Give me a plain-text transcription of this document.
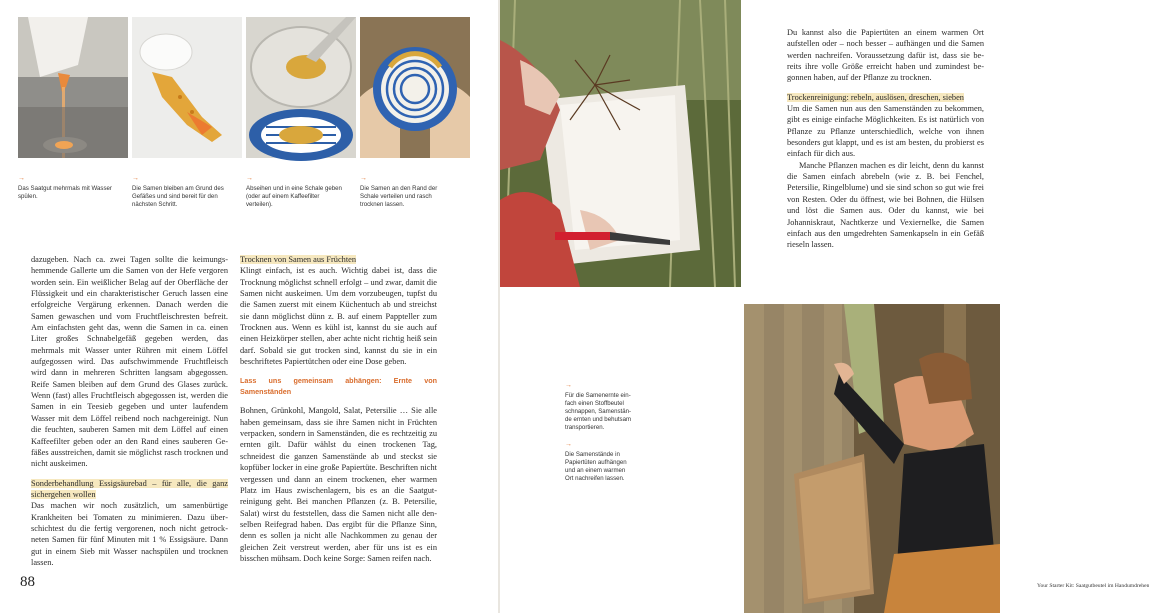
→
Das Saatgut mehrmals mit Wasser spülen.
→
Die Samen bleiben am Grund des Gefäßes und sind bereit für den nächsten Schritt.
→
Abseihen und in eine Schale geben (oder auf einem Kaffeefilter verteilen).
→
Die Samen an den Rand der Schale verteilen und rasch trocknen lassen.

dazugeben. Nach ca. zwei Tagen sollte die keimungshemmende Gallerte um die Samen von der Hefe vergoren worden sein. Ein weißlicher Belag auf der Oberfläche der Flüssigkeit und ein charakteristischer Geruch lassen eine erfolgreiche Vergärung erkennen. Danach werden die Samen gewaschen und vom Fruchtfleischresten befreit. Am einfachsten geht das, wenn die Samen in ca. einen Liter großes Schnabelgefäß gegeben werden, das mehrmals mit Wasser unter Rühren mit einem Löffel aufgegossen wird. Das aufschwimmende Fruchtfleisch wird dann in mehreren Schritten langsam abgegossen. Reife Samen bleiben auf dem Grund des Glases zurück. Wenn (fast) alles Fruchtfleisch abgegossen ist, werden die Samen in ein Teesieb gegeben und unter laufendem Wasser mit dem Löffel reibend noch nachgereinigt. Nun die feuchten, sauberen Samen mit dem Löffel auf einen Kaffeefilter geben oder an den Rand eines sauberen Gefäßes ausstreichen, damit sie möglichst rasch trocknen und nicht auskeimen.

Sonderbehandlung Essigsäurebad – für alle, die ganz sichergehen wollen

Das machen wir noch zusätzlich, um samenbürtige Krankheiten bei Tomaten zu minimieren. Dazu überschichtest du die fertig vergorenen, noch nicht getrockneten Samen für fünf Minuten mit 1 % Essigsäure. Dann gut in einem Sieb mit Wasser nachspülen und trocknen lassen.

Trocknen von Samen aus Früchten

Klingt einfach, ist es auch. Wichtig dabei ist, dass die Trocknung möglichst schnell erfolgt – und zwar, damit die Samen nicht auskeimen. Um dem vorzubeugen, tupfst du die Samen zuerst mit einem Küchentuch ab und streichst sie dann möglichst dünn z. B. auf einem Pappteller zum Trocknen aus. Wenn es kühl ist, kannst du sie auch auf einen Heizkörper stellen, aber achte nicht richtig heiß sein darf. Sobald sie gut trocken sind, kannst du sie in ein beschriftetes Papiertütchen oder eine Dose geben.

Lass uns gemeinsam abhängen: Ernte von Samenständen

Bohnen, Grünkohl, Mangold, Salat, Petersilie … Sie alle haben gemeinsam, dass sie ihre Samen nicht in Früchten verpacken, sondern in Samenständen, die es rechtzeitig zu ernten gilt. Dafür wählst du einen trockenen Tag, schneidest die ganzen Samenstände ab und steckst sie kopfüber locker in eine große Papiertüte. Beschriften nicht vergessen und dann an einem trockenen, eher warmen Platz im Haus zwischenlagern, bis es an die Saatgutreinigung geht. Bei manchen Pflanzen (z. B. Petersilie, Salat) wirst du feststellen, dass die Samen nicht alle denselben Reifegrad haben. Das ergibt für die Pflanze Sinn, denn es sollen ja nicht alle Nachkommen zu genau der gleichen Zeit verstreut werden, aber für uns ist es ein bisschen mühsam. Doch keine Sorge: Samen reifen nach.

88

Du kannst also die Papiertüten an einem warmen Ort aufstellen oder – noch besser – aufhängen und die Samen werden nachreifen. Voraussetzung dafür ist, dass sie bereits ihre volle Größe erreicht haben und zumindest begonnen haben, auf der Pflanze zu trocknen.

Trockenreinigung: rebeln, auslösen, dreschen, sieben

Um die Samen nun aus den Samenständen zu bekommen, gibt es einige einfache Möglichkeiten. Es ist natürlich von Pflanze zu Pflanze unterschiedlich, welche von ihnen besonders gut klappt, und es ist am besten, du probierst es einfach für dich aus.

Manche Pflanzen machen es dir leicht, denn du kannst die Samen einfach abrebeln (wie z. B. bei Fenchel, Petersilie, Ringelblume) und sie sind schon so gut wie frei von Resten. Oder du öffnest, wie bei Bohnen, die Hülsen und löst die Samen aus. Oder du kannst, wie bei Johanniskraut, Nachtkerze und Vexiernelke, die Samen einfach aus den umgedrehten Samenkapseln in ein Gefäß rieseln lassen.

→
Für die Samenernte einfach einen Stoffbeutel schnappen, Samenstände ernten und behutsam transportieren.
→
Die Samenstände in Papiertüten aufhängen und an einem warmen Ort nachreifen lassen.
Your Starter Kit: Saatgutbeutel im Handumdrehen
